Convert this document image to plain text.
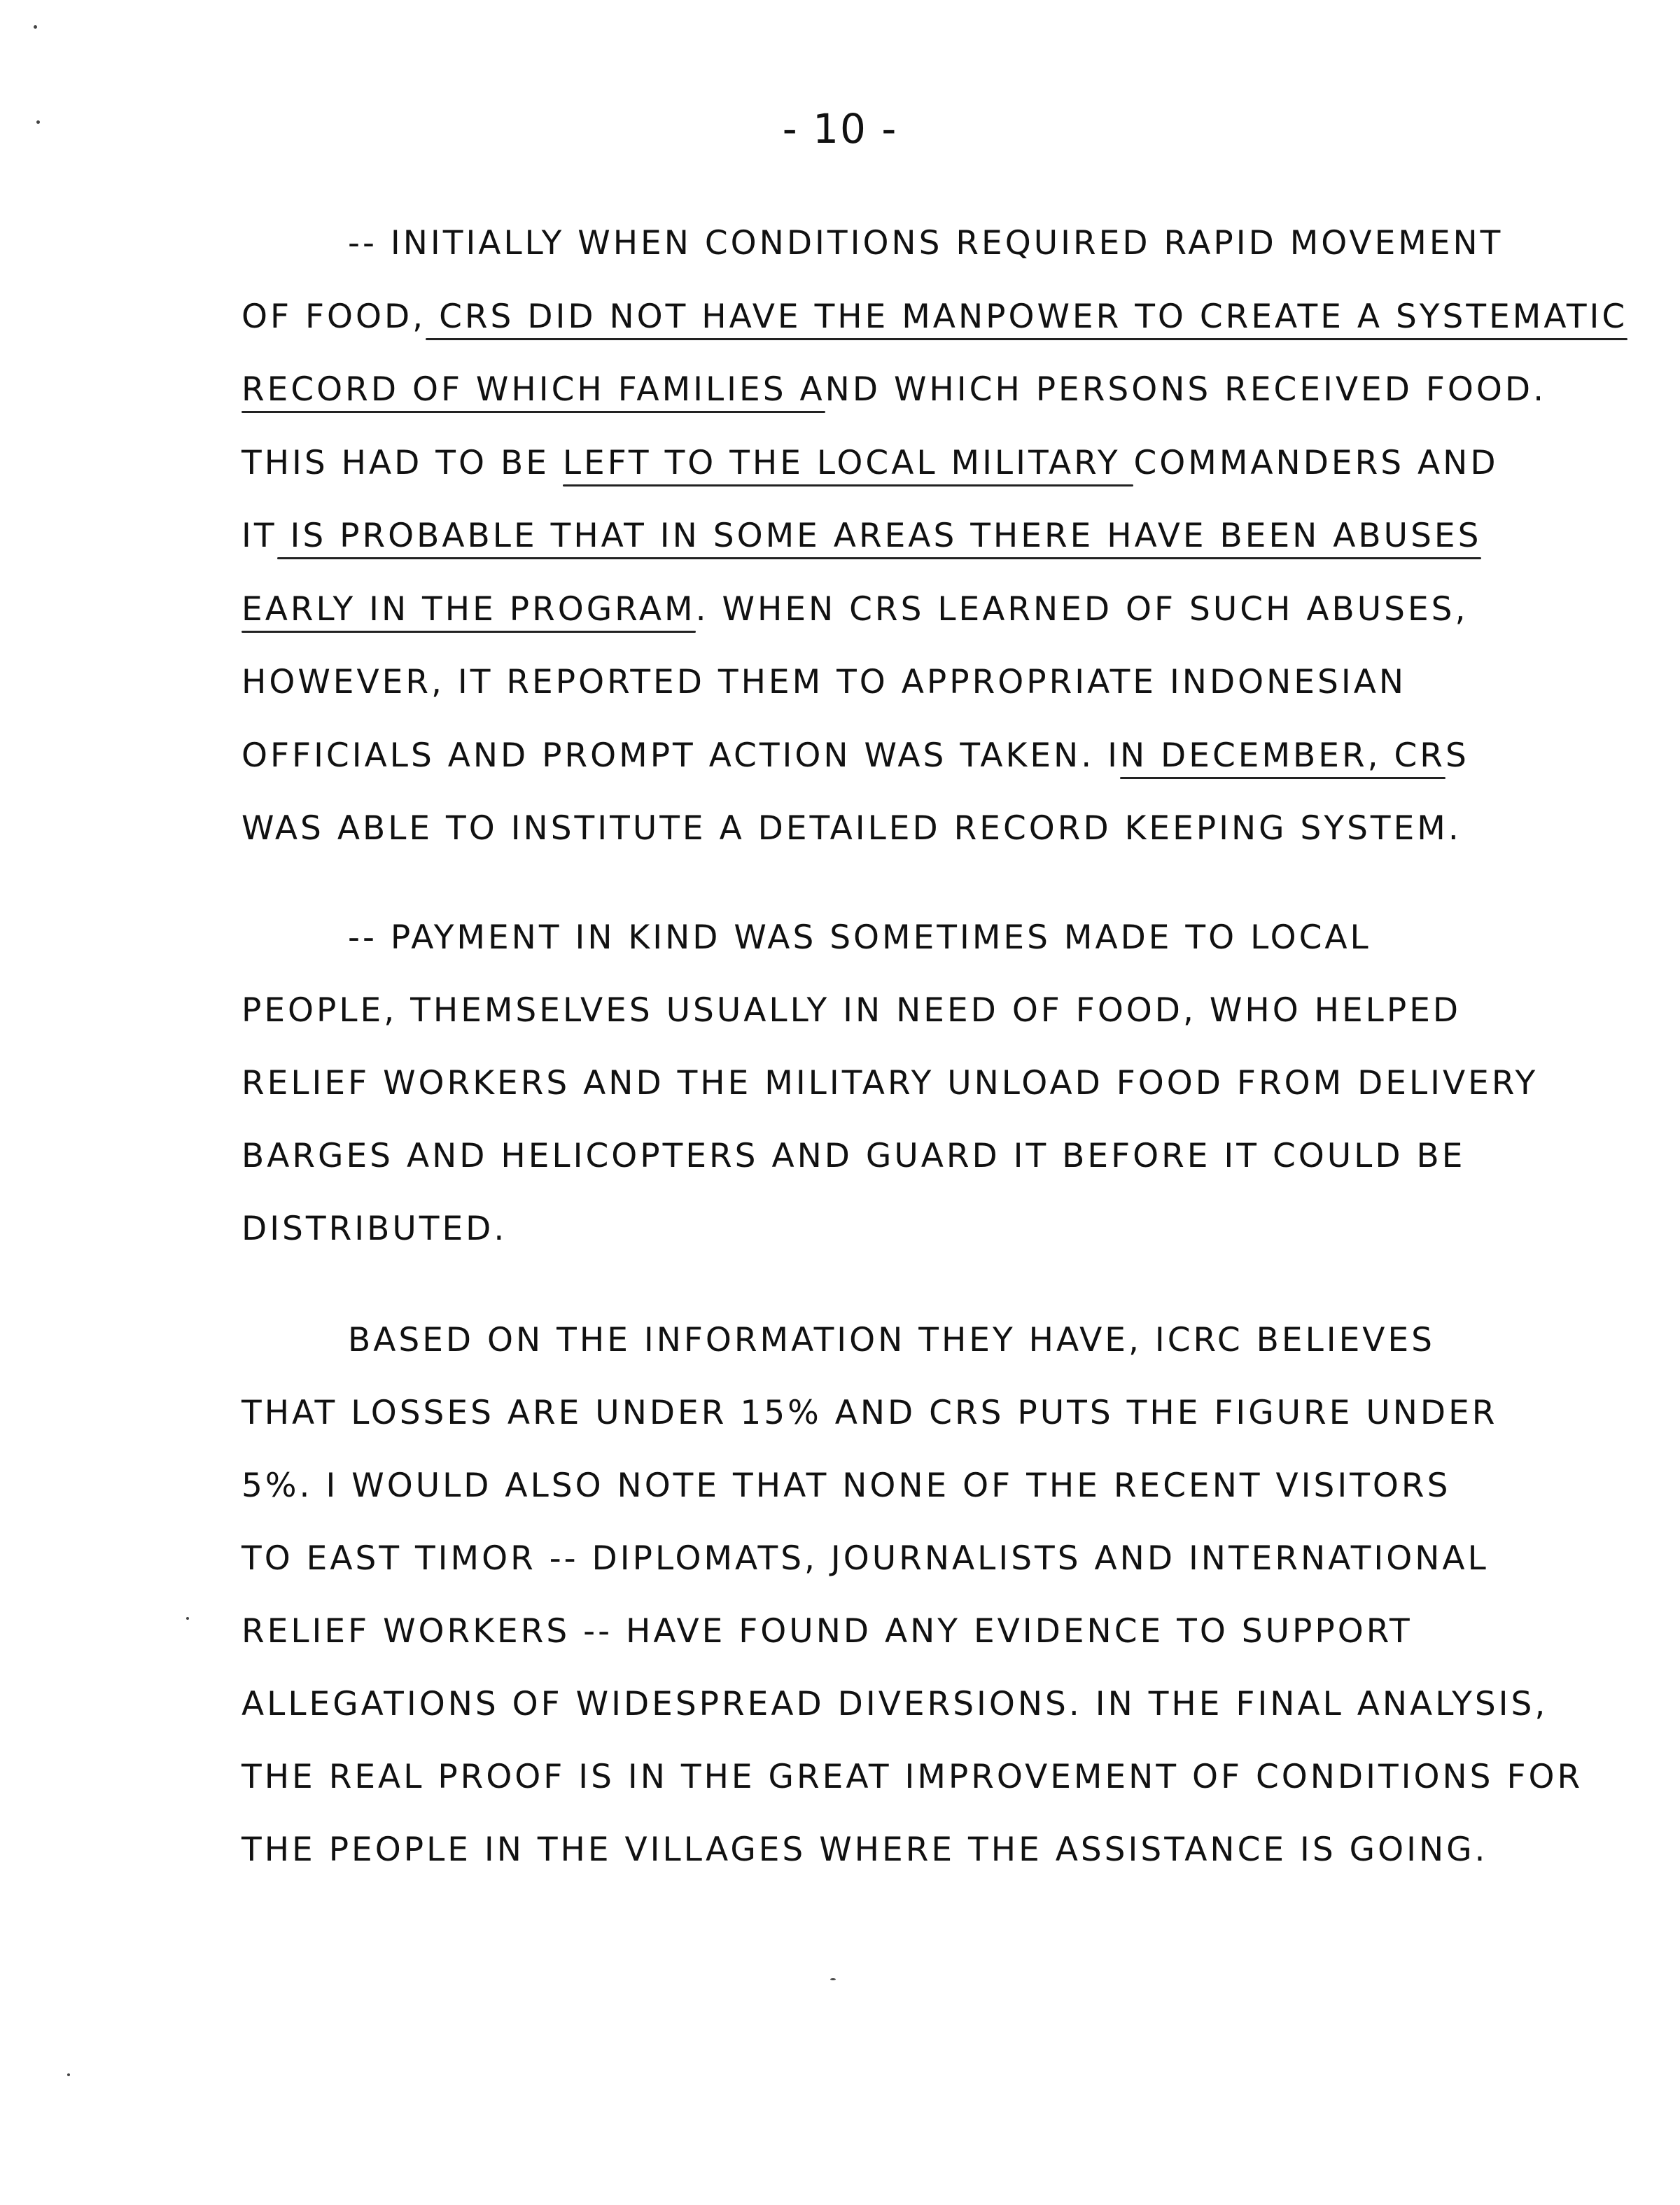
- 10 -
-- INITIALLY WHEN CONDITIONS REQUIRED RAPID MOVEMENT
OF FOOD, CRS DID NOT HAVE THE MANPOWER TO CREATE A SYSTEMATIC
RECORD OF WHICH FAMILIES AND WHICH PERSONS RECEIVED FOOD.
THIS HAD TO BE LEFT TO THE LOCAL MILITARY COMMANDERS AND
IT IS PROBABLE THAT IN SOME AREAS THERE HAVE BEEN ABUSES
EARLY IN THE PROGRAM. WHEN CRS LEARNED OF SUCH ABUSES,
HOWEVER, IT REPORTED THEM TO APPROPRIATE INDONESIAN
OFFICIALS AND PROMPT ACTION WAS TAKEN. IN DECEMBER, CRS
WAS ABLE TO INSTITUTE A DETAILED RECORD KEEPING SYSTEM.
-- PAYMENT IN KIND WAS SOMETIMES MADE TO LOCAL
PEOPLE, THEMSELVES USUALLY IN NEED OF FOOD, WHO HELPED
RELIEF WORKERS AND THE MILITARY UNLOAD FOOD FROM DELIVERY
BARGES AND HELICOPTERS AND GUARD IT BEFORE IT COULD BE
DISTRIBUTED.
BASED ON THE INFORMATION THEY HAVE, ICRC BELIEVES
THAT LOSSES ARE UNDER 15% AND CRS PUTS THE FIGURE UNDER
5%. I WOULD ALSO NOTE THAT NONE OF THE RECENT VISITORS
TO EAST TIMOR -- DIPLOMATS, JOURNALISTS AND INTERNATIONAL
RELIEF WORKERS -- HAVE FOUND ANY EVIDENCE TO SUPPORT
ALLEGATIONS OF WIDESPREAD DIVERSIONS. IN THE FINAL ANALYSIS,
THE REAL PROOF IS IN THE GREAT IMPROVEMENT OF CONDITIONS FOR
THE PEOPLE IN THE VILLAGES WHERE THE ASSISTANCE IS GOING.
